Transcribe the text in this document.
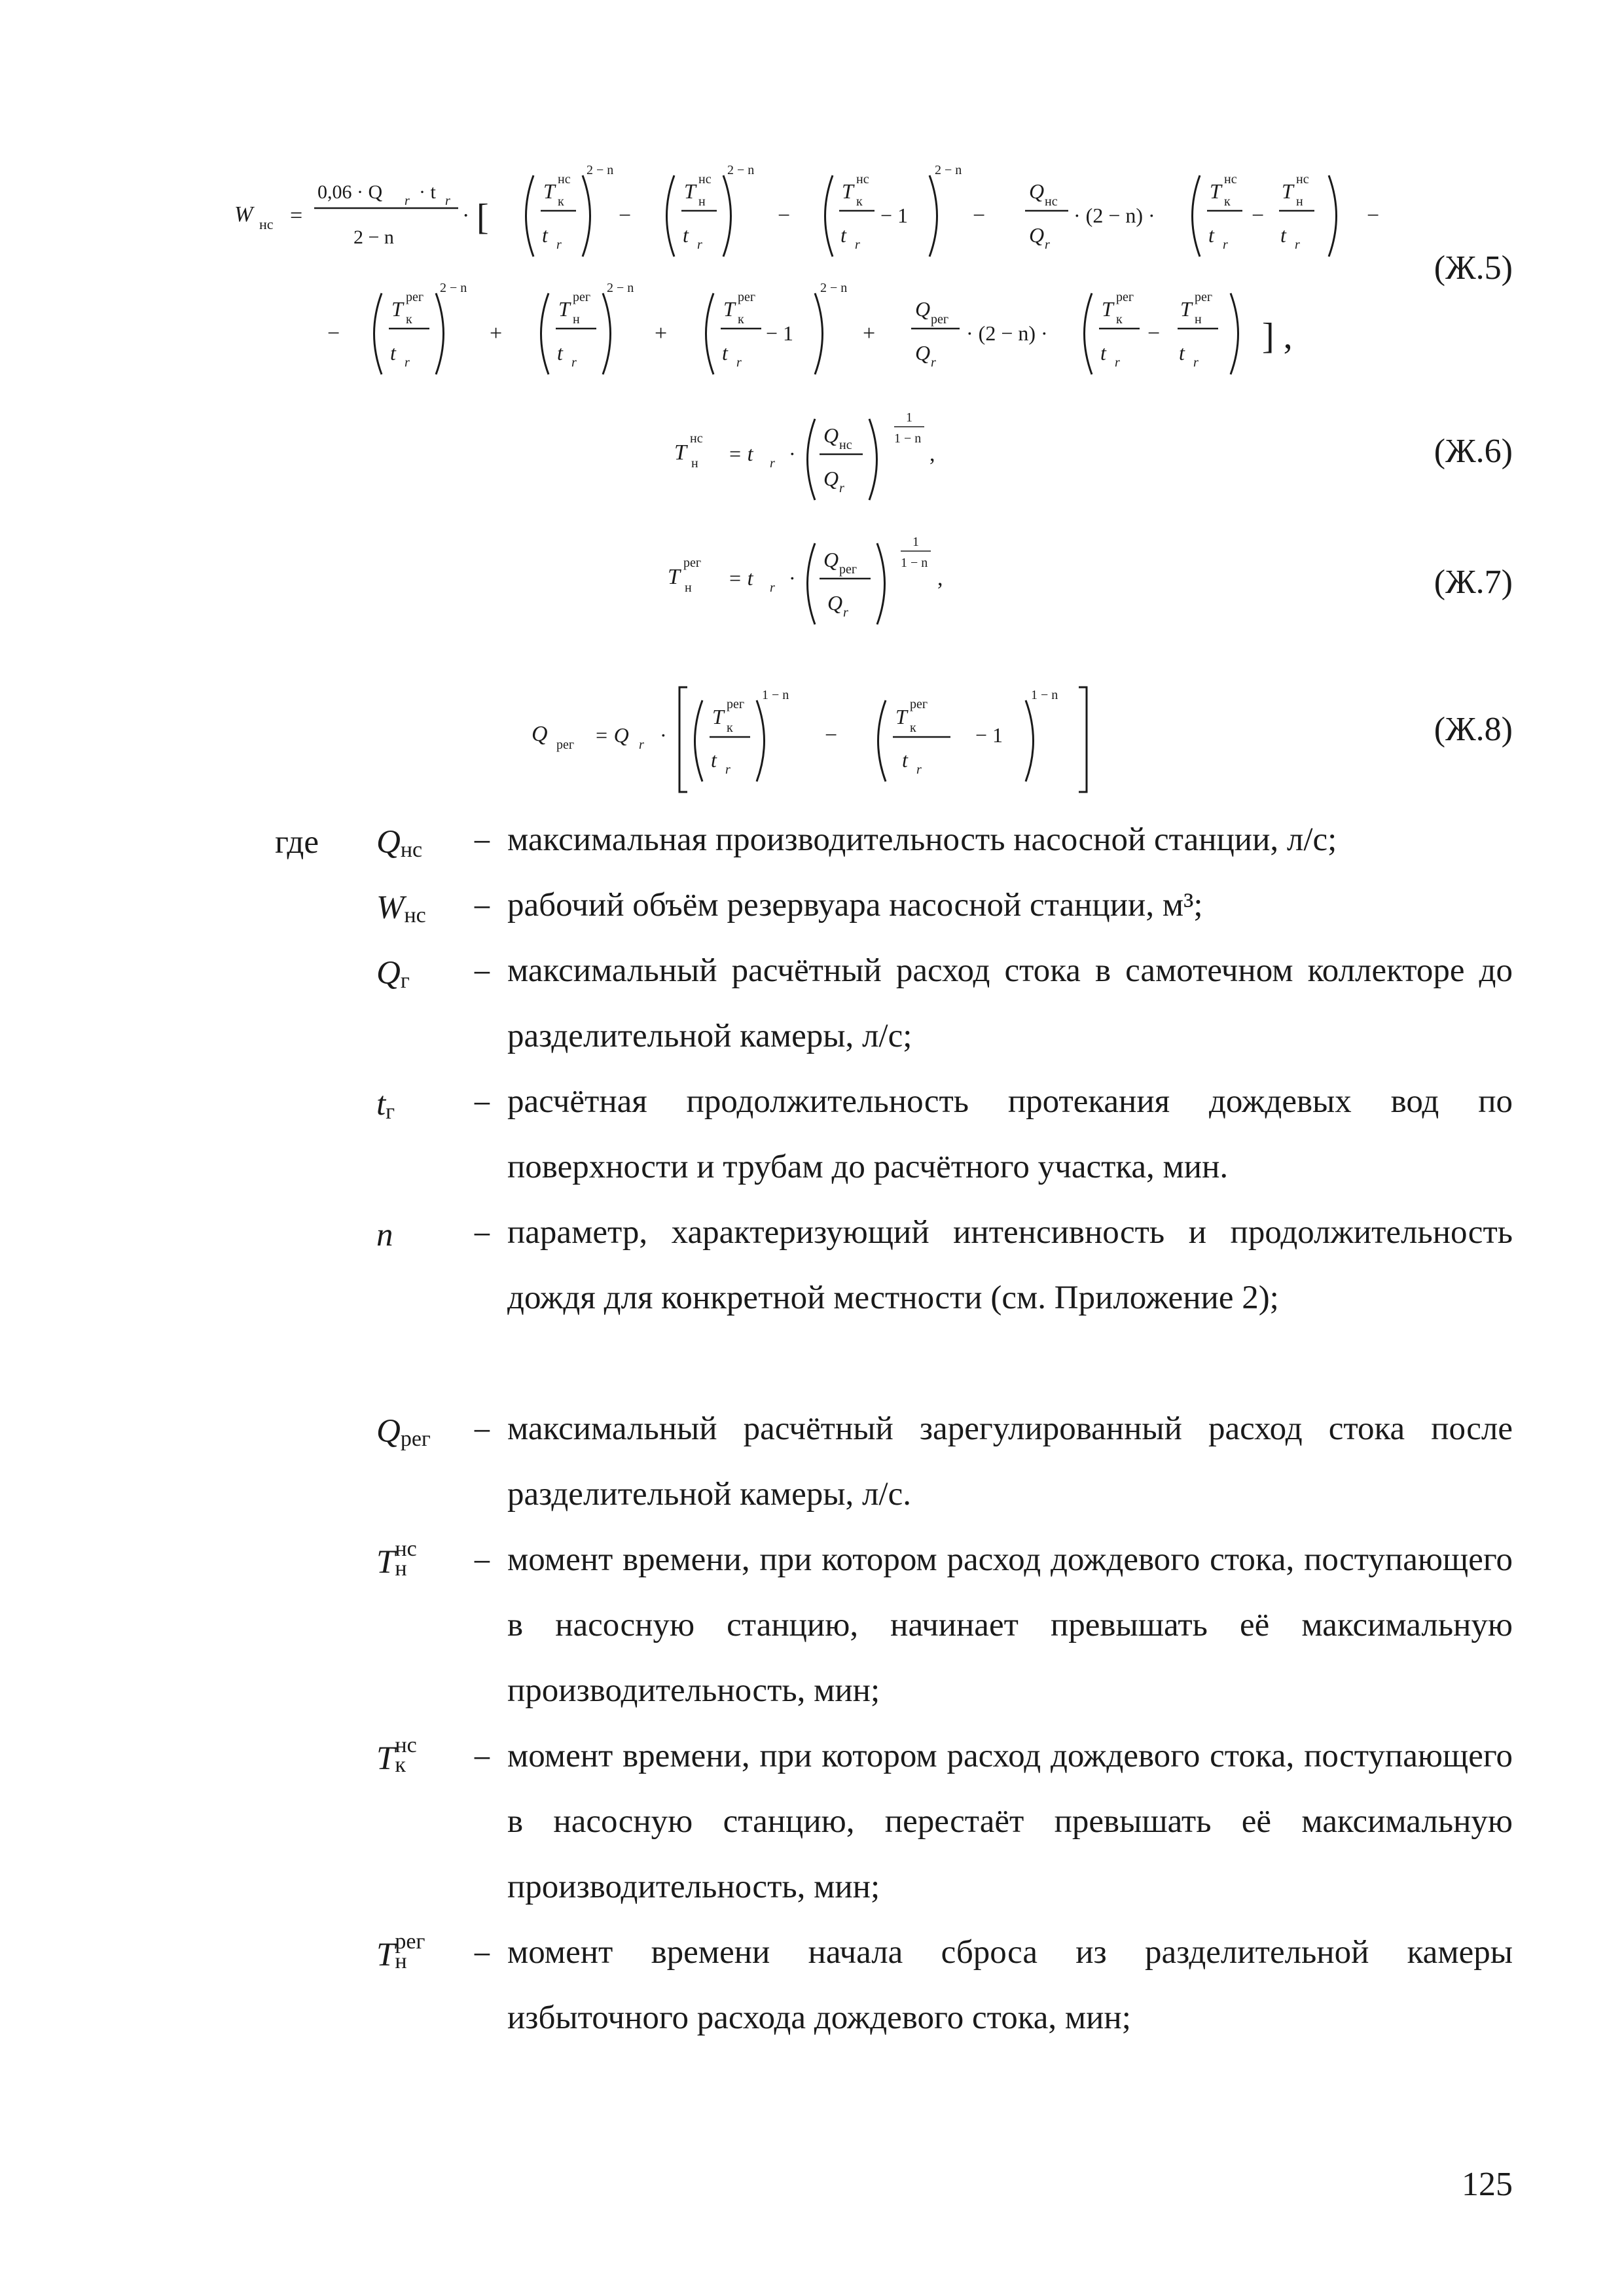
W нс =
0,06 · Q r · t r
2 − n
· [
T нс
к
t r
2 − n
−
T нс
н
t r
2 − n
−
T нс
к
t r
− 1
2 − n
−
Q нс
Q r
· (2 − n) ·
T нс
к
t r
−
T нс
н
t r
−
−
T рег
к
t r
2 − n
+
T рег
н
t r
2 − n
+
T рег
к
t r
− 1
2 − n
+
Q рег
Q r
· (2 − n) ·
T рег
к
t r
−
T рег
н
t r
] ,
(Ж.5)
T
нс
н = t r ·
Q нс
Q r
1
1 − n
,	(Ж.6)
T
рег
н = t r ·
Q рег
Q r
1
1 − n
,	(Ж.7)
Q рег = Q r ·
T
рег
к
t r
1 − n
−
T
рег
к
t r
− 1
1 − n
(Ж.8)
где Qнс − максимальная производительность насосной станции, л/с;
Wнс − рабочий объём резервуара насосной станции, м³;
Qг − максимальный расчётный расход стока в самотечном коллекторе до разделительной камеры, л/с;
tг − расчётная продолжительность протекания дождевых вод по поверхности и трубам до расчётного участка, мин.
n − параметр, характеризующий интенсивность и продолжительность дождя для конкретной местности (см. Приложение 2);
Qрег − максимальный расчётный зарегулированный расход стока после разделительной камеры, л/с.
T нс
н − момент времени, при котором расход дождевого стока, поступающего в насосную станцию, начинает превышать её максимальную производительность, мин;
T нс
к − момент времени, при котором расход дождевого стока, поступающего в насосную станцию, перестаёт превышать её максимальную производительность, мин;
T рег
н − момент времени начала сброса из разделительной камеры избыточного расхода дождевого стока, мин;
125
